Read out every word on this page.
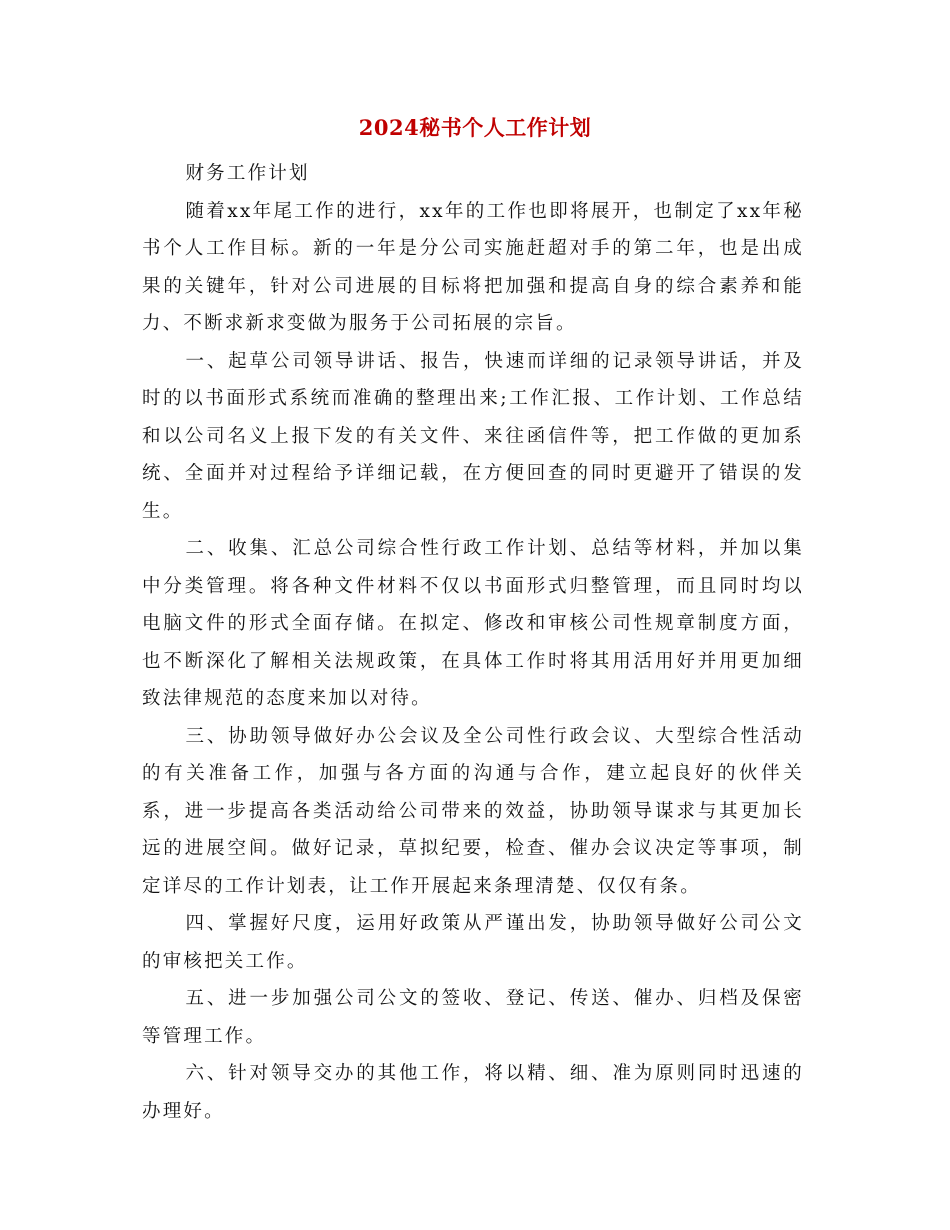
2024秘书个人工作计划

财务工作计划

随着xx年尾工作的进行，xx年的工作也即将展开，也制定了xx年秘书个人工作目标。新的一年是分公司实施赶超对手的第二年，也是出成果的关键年，针对公司进展的目标将把加强和提高自身的综合素养和能力、不断求新求变做为服务于公司拓展的宗旨。

一、起草公司领导讲话、报告，快速而详细的记录领导讲话，并及时的以书面形式系统而准确的整理出来;工作汇报、工作计划、工作总结和以公司名义上报下发的有关文件、来往函信件等，把工作做的更加系统、全面并对过程给予详细记载，在方便回查的同时更避开了错误的发生。

二、收集、汇总公司综合性行政工作计划、总结等材料，并加以集中分类管理。将各种文件材料不仅以书面形式归整管理，而且同时均以电脑文件的形式全面存储。在拟定、修改和审核公司性规章制度方面，也不断深化了解相关法规政策，在具体工作时将其用活用好并用更加细致法律规范的态度来加以对待。

三、协助领导做好办公会议及全公司性行政会议、大型综合性活动的有关准备工作，加强与各方面的沟通与合作，建立起良好的伙伴关系，进一步提高各类活动给公司带来的效益，协助领导谋求与其更加长远的进展空间。做好记录，草拟纪要，检查、催办会议决定等事项，制定详尽的工作计划表，让工作开展起来条理清楚、仅仅有条。

四、掌握好尺度，运用好政策从严谨出发，协助领导做好公司公文的审核把关工作。

五、进一步加强公司公文的签收、登记、传送、催办、归档及保密等管理工作。

六、针对领导交办的其他工作，将以精、细、准为原则同时迅速的办理好。
